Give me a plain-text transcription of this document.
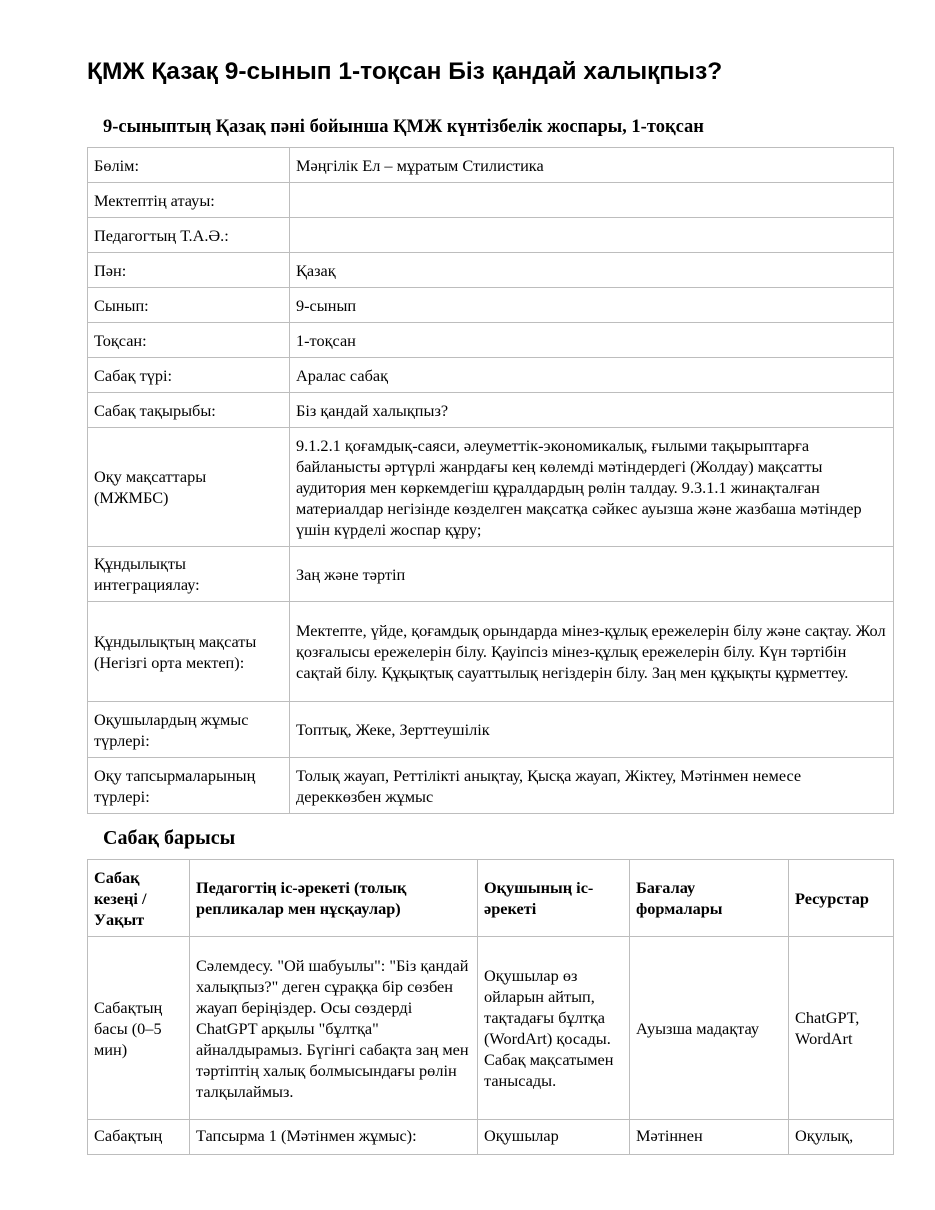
ҚМЖ Қазақ 9-сынып 1-тоқсан Біз қандай халықпыз?
9-сыныптың Қазақ пәні бойынша ҚМЖ күнтізбелік жоспары, 1-тоқсан
Бөлім:	Мәңгілік Ел – мұратым Стилистика
Мектептің атауы:	
Педагогтың Т.А.Ә.:	
Пән:	Қазақ
Сынып:	9-сынып
Тоқсан:	1-тоқсан
Сабақ түрі:	Аралас сабақ
Сабақ тақырыбы:	Біз қандай халықпыз?
Оқу мақсаттары (МЖМБС)	9.1.2.1 қоғамдық-саяси, әлеуметтік-экономикалық, ғылыми тақырыптарға байланысты әртүрлі жанрдағы кең көлемді мәтіндердегі (Жолдау) мақсатты аудитория мен көркемдегіш құралдардың рөлін талдау. 9.3.1.1 жинақталған материалдар негізінде көзделген мақсатқа сәйкес ауызша және жазбаша мәтіндер үшін күрделі жоспар құру;
Құндылықты интеграциялау:	Заң және тәртіп
Құндылықтың мақсаты (Негізгі орта мектеп):	Мектепте, үйде, қоғамдық орындарда мінез-құлық ережелерін білу және сақтау. Жол қозғалысы ережелерін білу. Қауіпсіз мінез-құлық ережелерін білу. Күн тәртібін сақтай білу. Құқықтық сауаттылық негіздерін білу. Заң мен құқықты құрметтеу.
Оқушылардың жұмыс түрлері:	Топтық, Жеке, Зерттеушілік
Оқу тапсырмаларының түрлері:	Толық жауап, Реттілікті анықтау, Қысқа жауап, Жіктеу, Мәтінмен немесе дереккөзбен жұмыс
Сабақ барысы
Сабақ кезеңі / Уақыт	Педагогтің іс-әрекеті (толық репликалар мен нұсқаулар)	Оқушының іс-әрекеті	Бағалау формалары	Ресурстар
Сабақтың басы (0–5 мин)	Сәлемдесу. "Ой шабуылы": "Біз қандай халықпыз?" деген сұраққа бір сөзбен жауап беріңіздер. Осы сөздерді ChatGPT арқылы "бұлтқа" айналдырамыз. Бүгінгі сабақта заң мен тәртіптің халық болмысындағы рөлін талқылаймыз.	Оқушылар өз ойларын айтып, тақтадағы бұлтқа (WordArt) қосады. Сабақ мақсатымен танысады.	Ауызша мадақтау	ChatGPT, WordArt
Сабақтың	Тапсырма 1 (Мәтінмен жұмыс):	Оқушылар	Мәтіннен	Оқулық,
